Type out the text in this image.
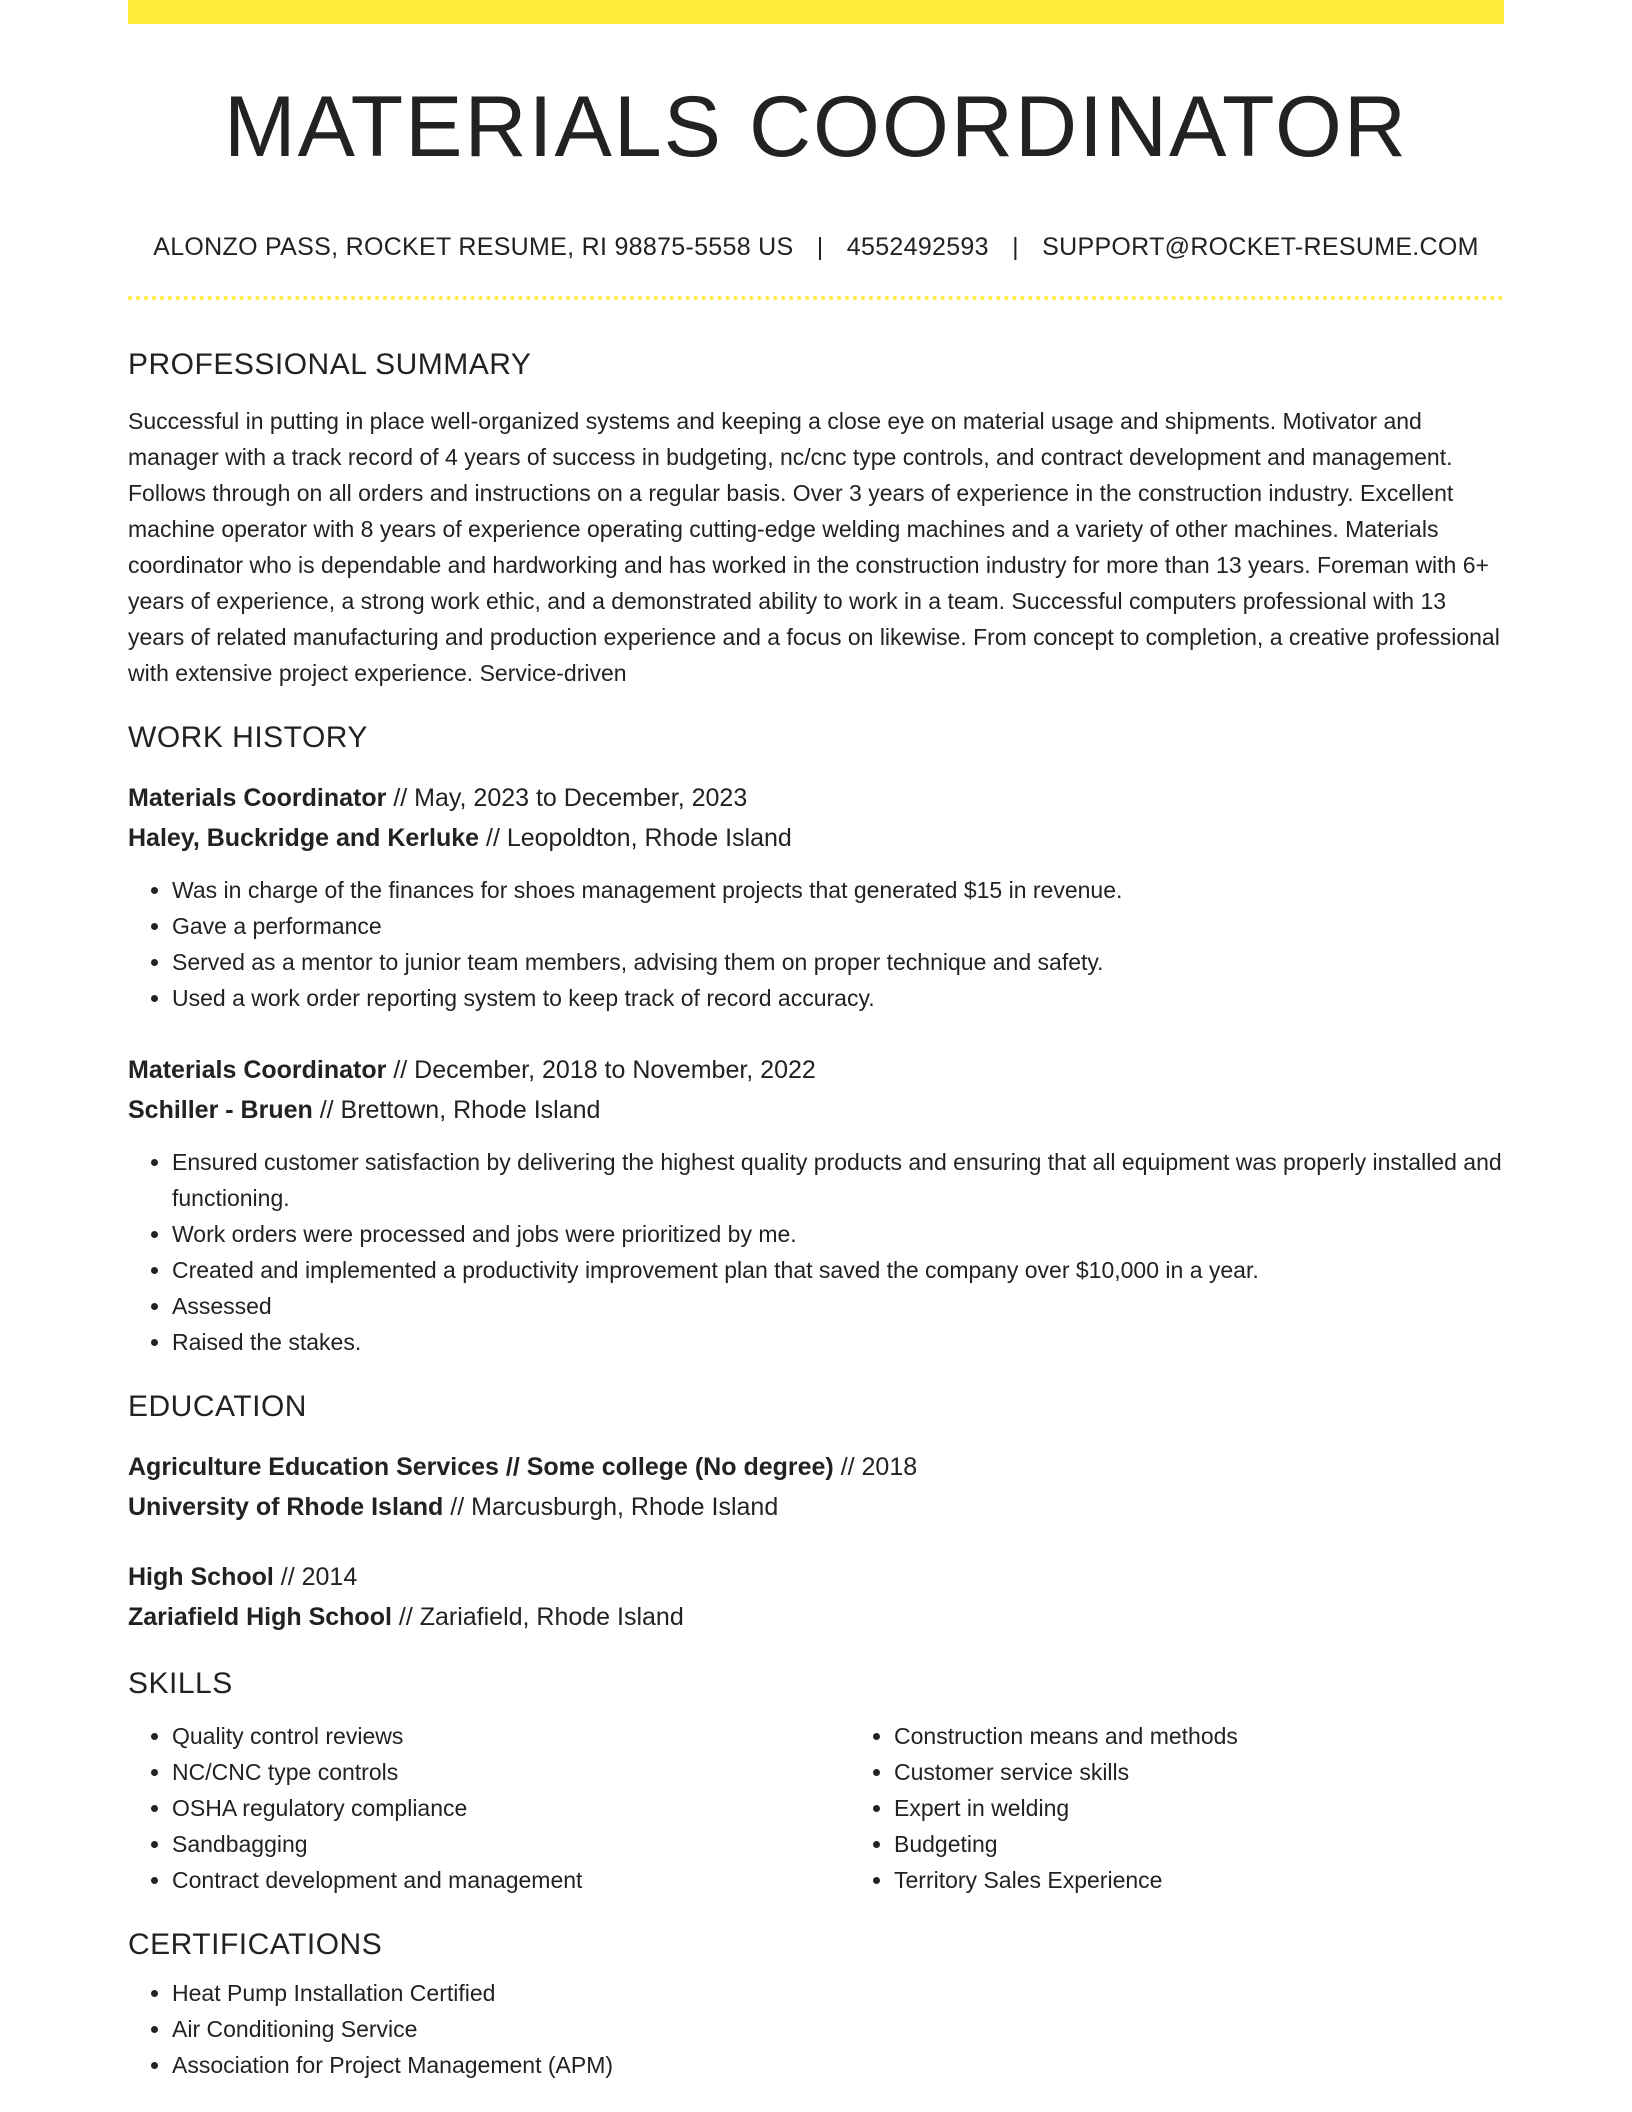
MATERIALS COORDINATOR
ALONZO PASS, ROCKET RESUME, RI 98875-5558 US | 4552492593 | SUPPORT@ROCKET-RESUME.COM
PROFESSIONAL SUMMARY
Successful in putting in place well-organized systems and keeping a close eye on material usage and shipments. Motivator and manager with a track record of 4 years of success in budgeting, nc/cnc type controls, and contract development and management. Follows through on all orders and instructions on a regular basis. Over 3 years of experience in the construction industry. Excellent machine operator with 8 years of experience operating cutting-edge welding machines and a variety of other machines. Materials coordinator who is dependable and hardworking and has worked in the construction industry for more than 13 years. Foreman with 6+ years of experience, a strong work ethic, and a demonstrated ability to work in a team. Successful computers professional with 13 years of related manufacturing and production experience and a focus on likewise. From concept to completion, a creative professional with extensive project experience. Service-driven
WORK HISTORY
Materials Coordinator // May, 2023 to December, 2023
Haley, Buckridge and Kerluke // Leopoldton, Rhode Island
• Was in charge of the finances for shoes management projects that generated $15 in revenue.
• Gave a performance
• Served as a mentor to junior team members, advising them on proper technique and safety.
• Used a work order reporting system to keep track of record accuracy.
Materials Coordinator // December, 2018 to November, 2022
Schiller - Bruen // Brettown, Rhode Island
• Ensured customer satisfaction by delivering the highest quality products and ensuring that all equipment was properly installed and functioning.
• Work orders were processed and jobs were prioritized by me.
• Created and implemented a productivity improvement plan that saved the company over $10,000 in a year.
• Assessed
• Raised the stakes.
EDUCATION
Agriculture Education Services // Some college (No degree) // 2018
University of Rhode Island // Marcusburgh, Rhode Island
High School // 2014
Zariafield High School // Zariafield, Rhode Island
SKILLS
• Quality control reviews
• NC/CNC type controls
• OSHA regulatory compliance
• Sandbagging
• Contract development and management
• Construction means and methods
• Customer service skills
• Expert in welding
• Budgeting
• Territory Sales Experience
CERTIFICATIONS
• Heat Pump Installation Certified
• Air Conditioning Service
• Association for Project Management (APM)
